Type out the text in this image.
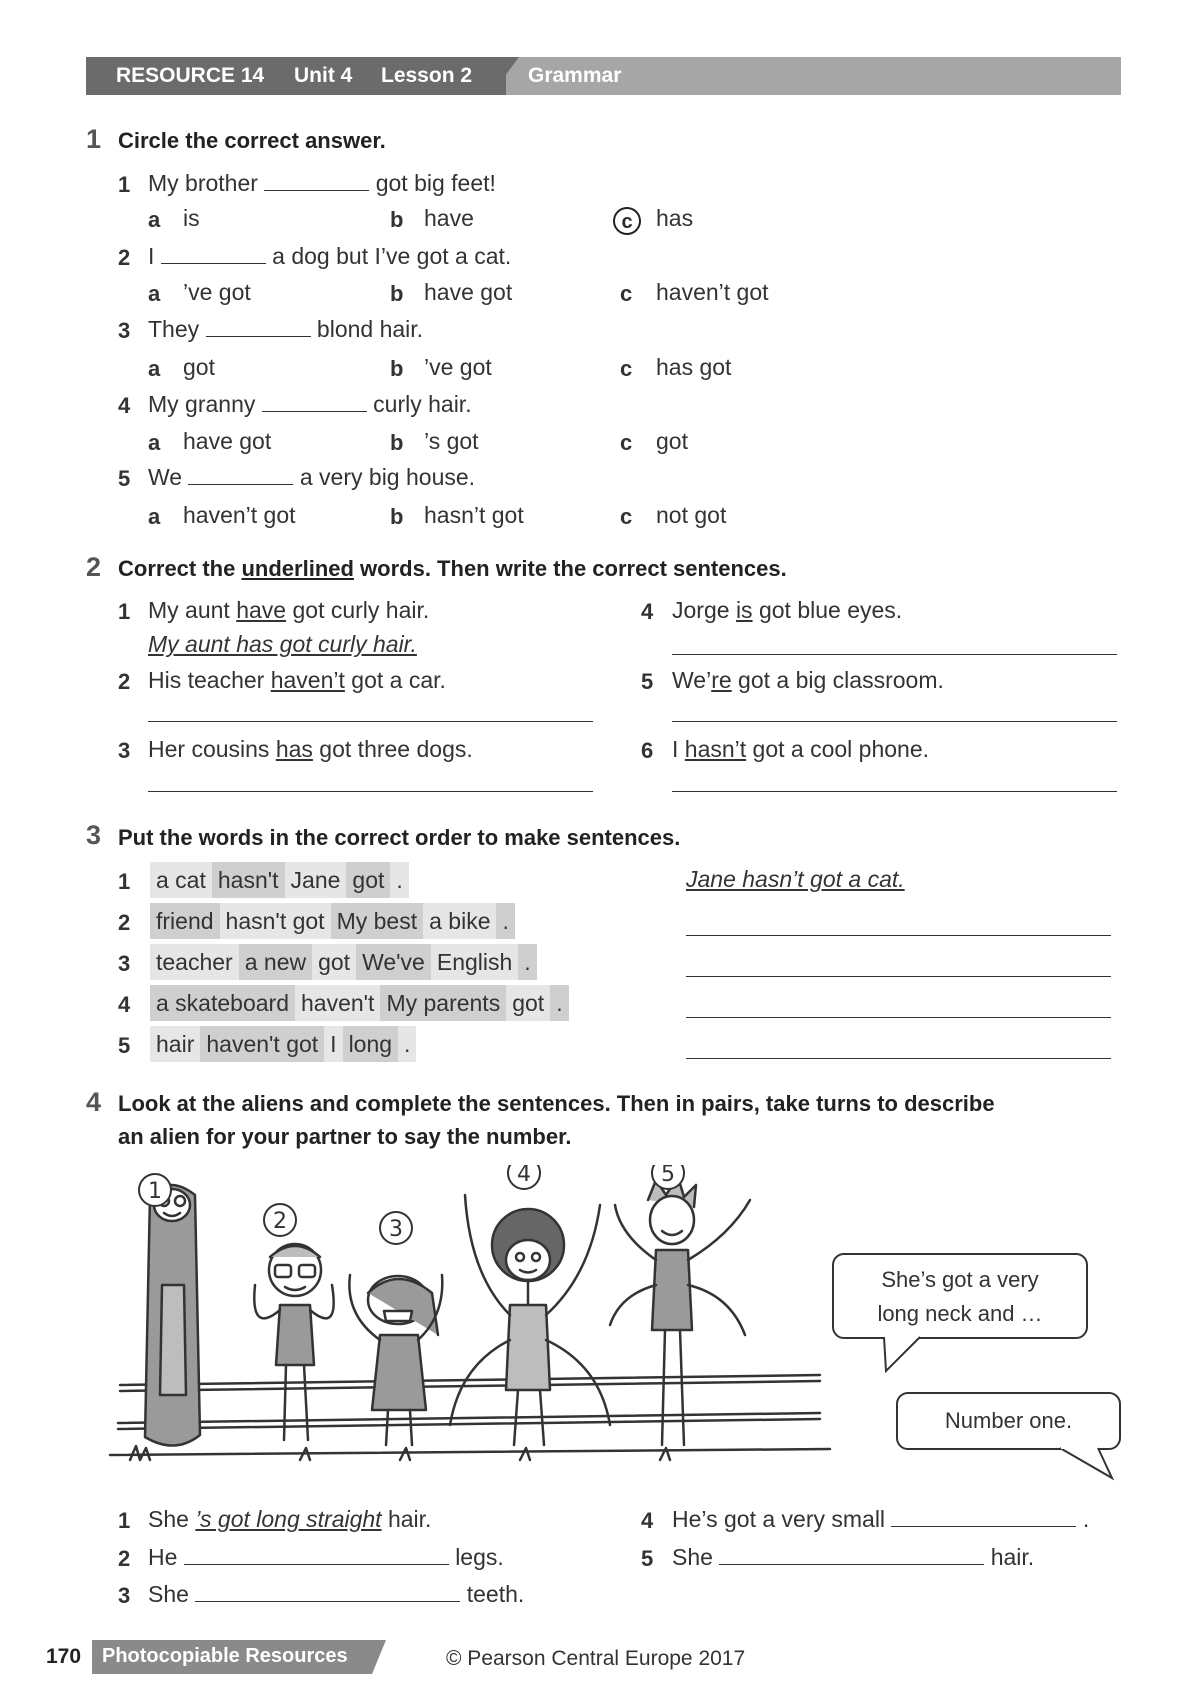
RESOURCE 14 Unit 4 Lesson 2	Grammar
1 Circle the correct answer.
1 My brother	got big feet!
a is	b have	c	has
2 I	a dog but I’ve got a cat.
a ’ve got	b have got	c haven’t got
3 They	blond hair.
a got	b ’ve got	c has got
4 My granny	curly hair.
a have got	b ’s got	c got
5 We	a very big house.
a haven’t got	b hasn’t got	c not got
2 Correct the underlined words. Then write the correct sentences.
1 My aunt have got curly hair.
My aunt has got curly hair.
2 His teacher haven’t got a car.
3 Her cousins has got three dogs.
4 Jorge is got blue eyes.
5 We’re got a big classroom.
6 I hasn’t got a cool phone.
3 Put the words in the correct order to make sentences.
1 a cat hasn't Jane got .	Jane hasn’t got a cat.
2 friend hasn't got My best a bike .
3 teacher a new got We've English .
4 a skateboard haven't My parents got .
5 hair haven't got I long .
4 Look at the aliens and complete the sentences. Then in pairs, take turns to describe
an alien for your partner to say the number.
1
2	3
4	5
She’s got a very
long neck and …
Number one.
1 She ’s got long straight hair.
2 He	legs.
3 She	teeth.
4 He’s got a very small	.
5 She	hair.
170 Photocopiable Resources	© Pearson Central Europe 2017
